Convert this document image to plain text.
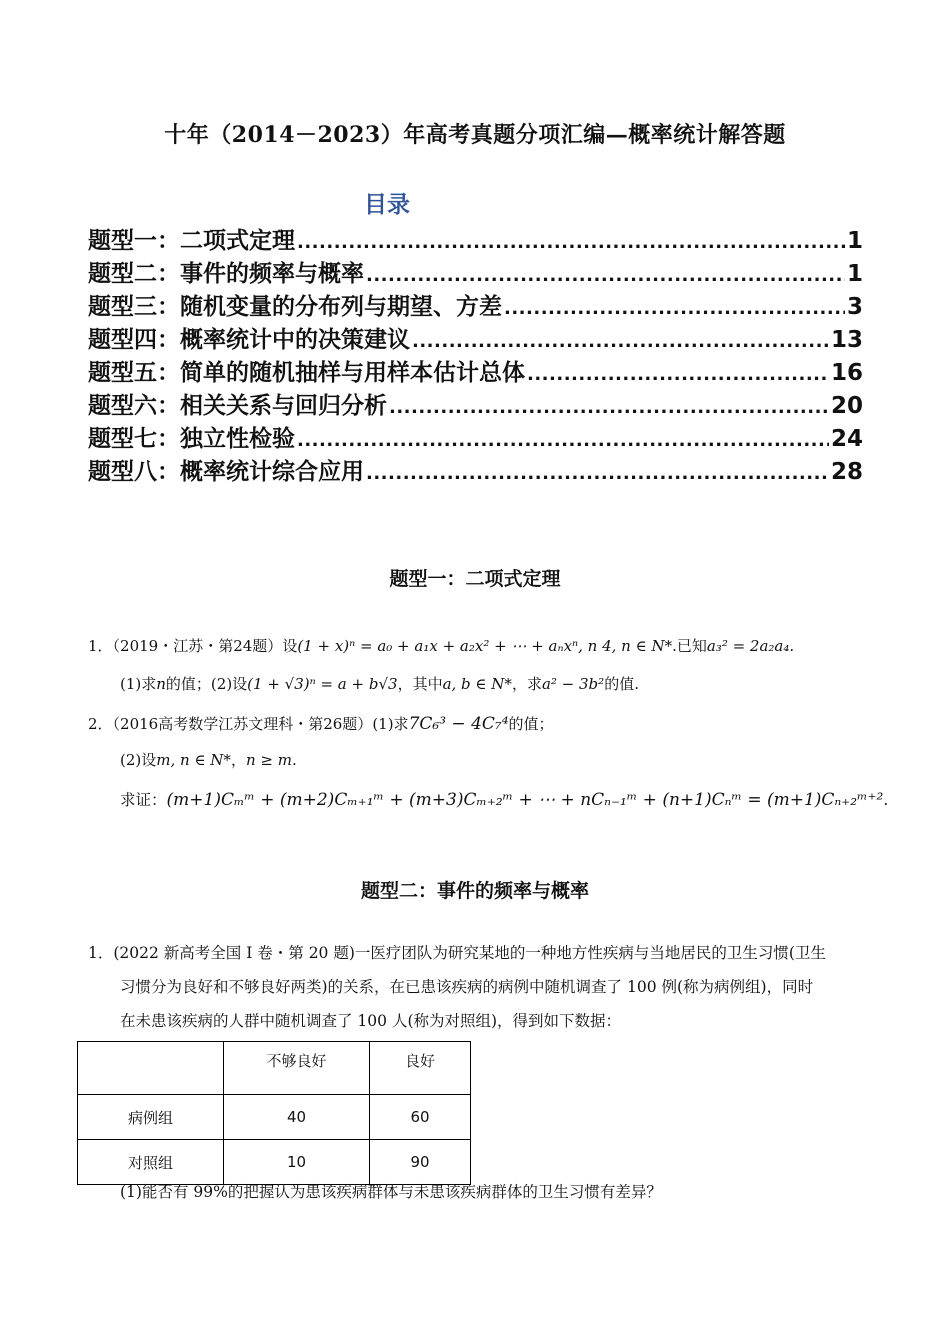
十年（2014－2023）年高考真题分项汇编—概率统计解答题
目录
题型一：二项式定理 .....	1
题型二：事件的频率与概率 .....	1
题型三：随机变量的分布列与期望、方差 .....	3
题型四：概率统计中的决策建议 .....	13
题型五：简单的随机抽样与用样本估计总体 .....	16
题型六：相关关系与回归分析 .....	20
题型七：独立性检验 .....	24
题型八：概率统计综合应用 .....	28
题型一：二项式定理
1．（2019・江苏・第24题）设(1 + x)ⁿ = a₀ + a₁x + a₂x² + ⋯ + aₙxⁿ, n 4, n ∈ N*.已知a₃² = 2a₂a₄.
(1)求n的值；(2)设(1 + √3)ⁿ = a + b√3，其中a, b ∈ N*，求a² − 3b²的值.
2．（2016高考数学江苏文理科・第26题）(1)求7C₆³ − 4C₇⁴的值；
(2)设m, n ∈ N*，n ≥ m.
求证：(m+1)Cₘᵐ + (m+2)Cₘ₊₁ᵐ + (m+3)Cₘ₊₂ᵐ + ⋯ + nCₙ₋₁ᵐ + (n+1)Cₙᵐ = (m+1)Cₙ₊₂ᵐ⁺².
题型二：事件的频率与概率
1．(2022 新高考全国 I 卷・第 20 题)一医疗团队为研究某地的一种地方性疾病与当地居民的卫生习惯(卫生
习惯分为良好和不够良好两类)的关系，在已患该疾病的病例中随机调查了 100 例(称为病例组)，同时
在未患该疾病的人群中随机调查了 100 人(称为对照组)，得到如下数据：
	不够良好	良好
病例组	40	60
对照组	10	90
(1)能否有 99%的把握认为患该疾病群体与未患该疾病群体的卫生习惯有差异？
